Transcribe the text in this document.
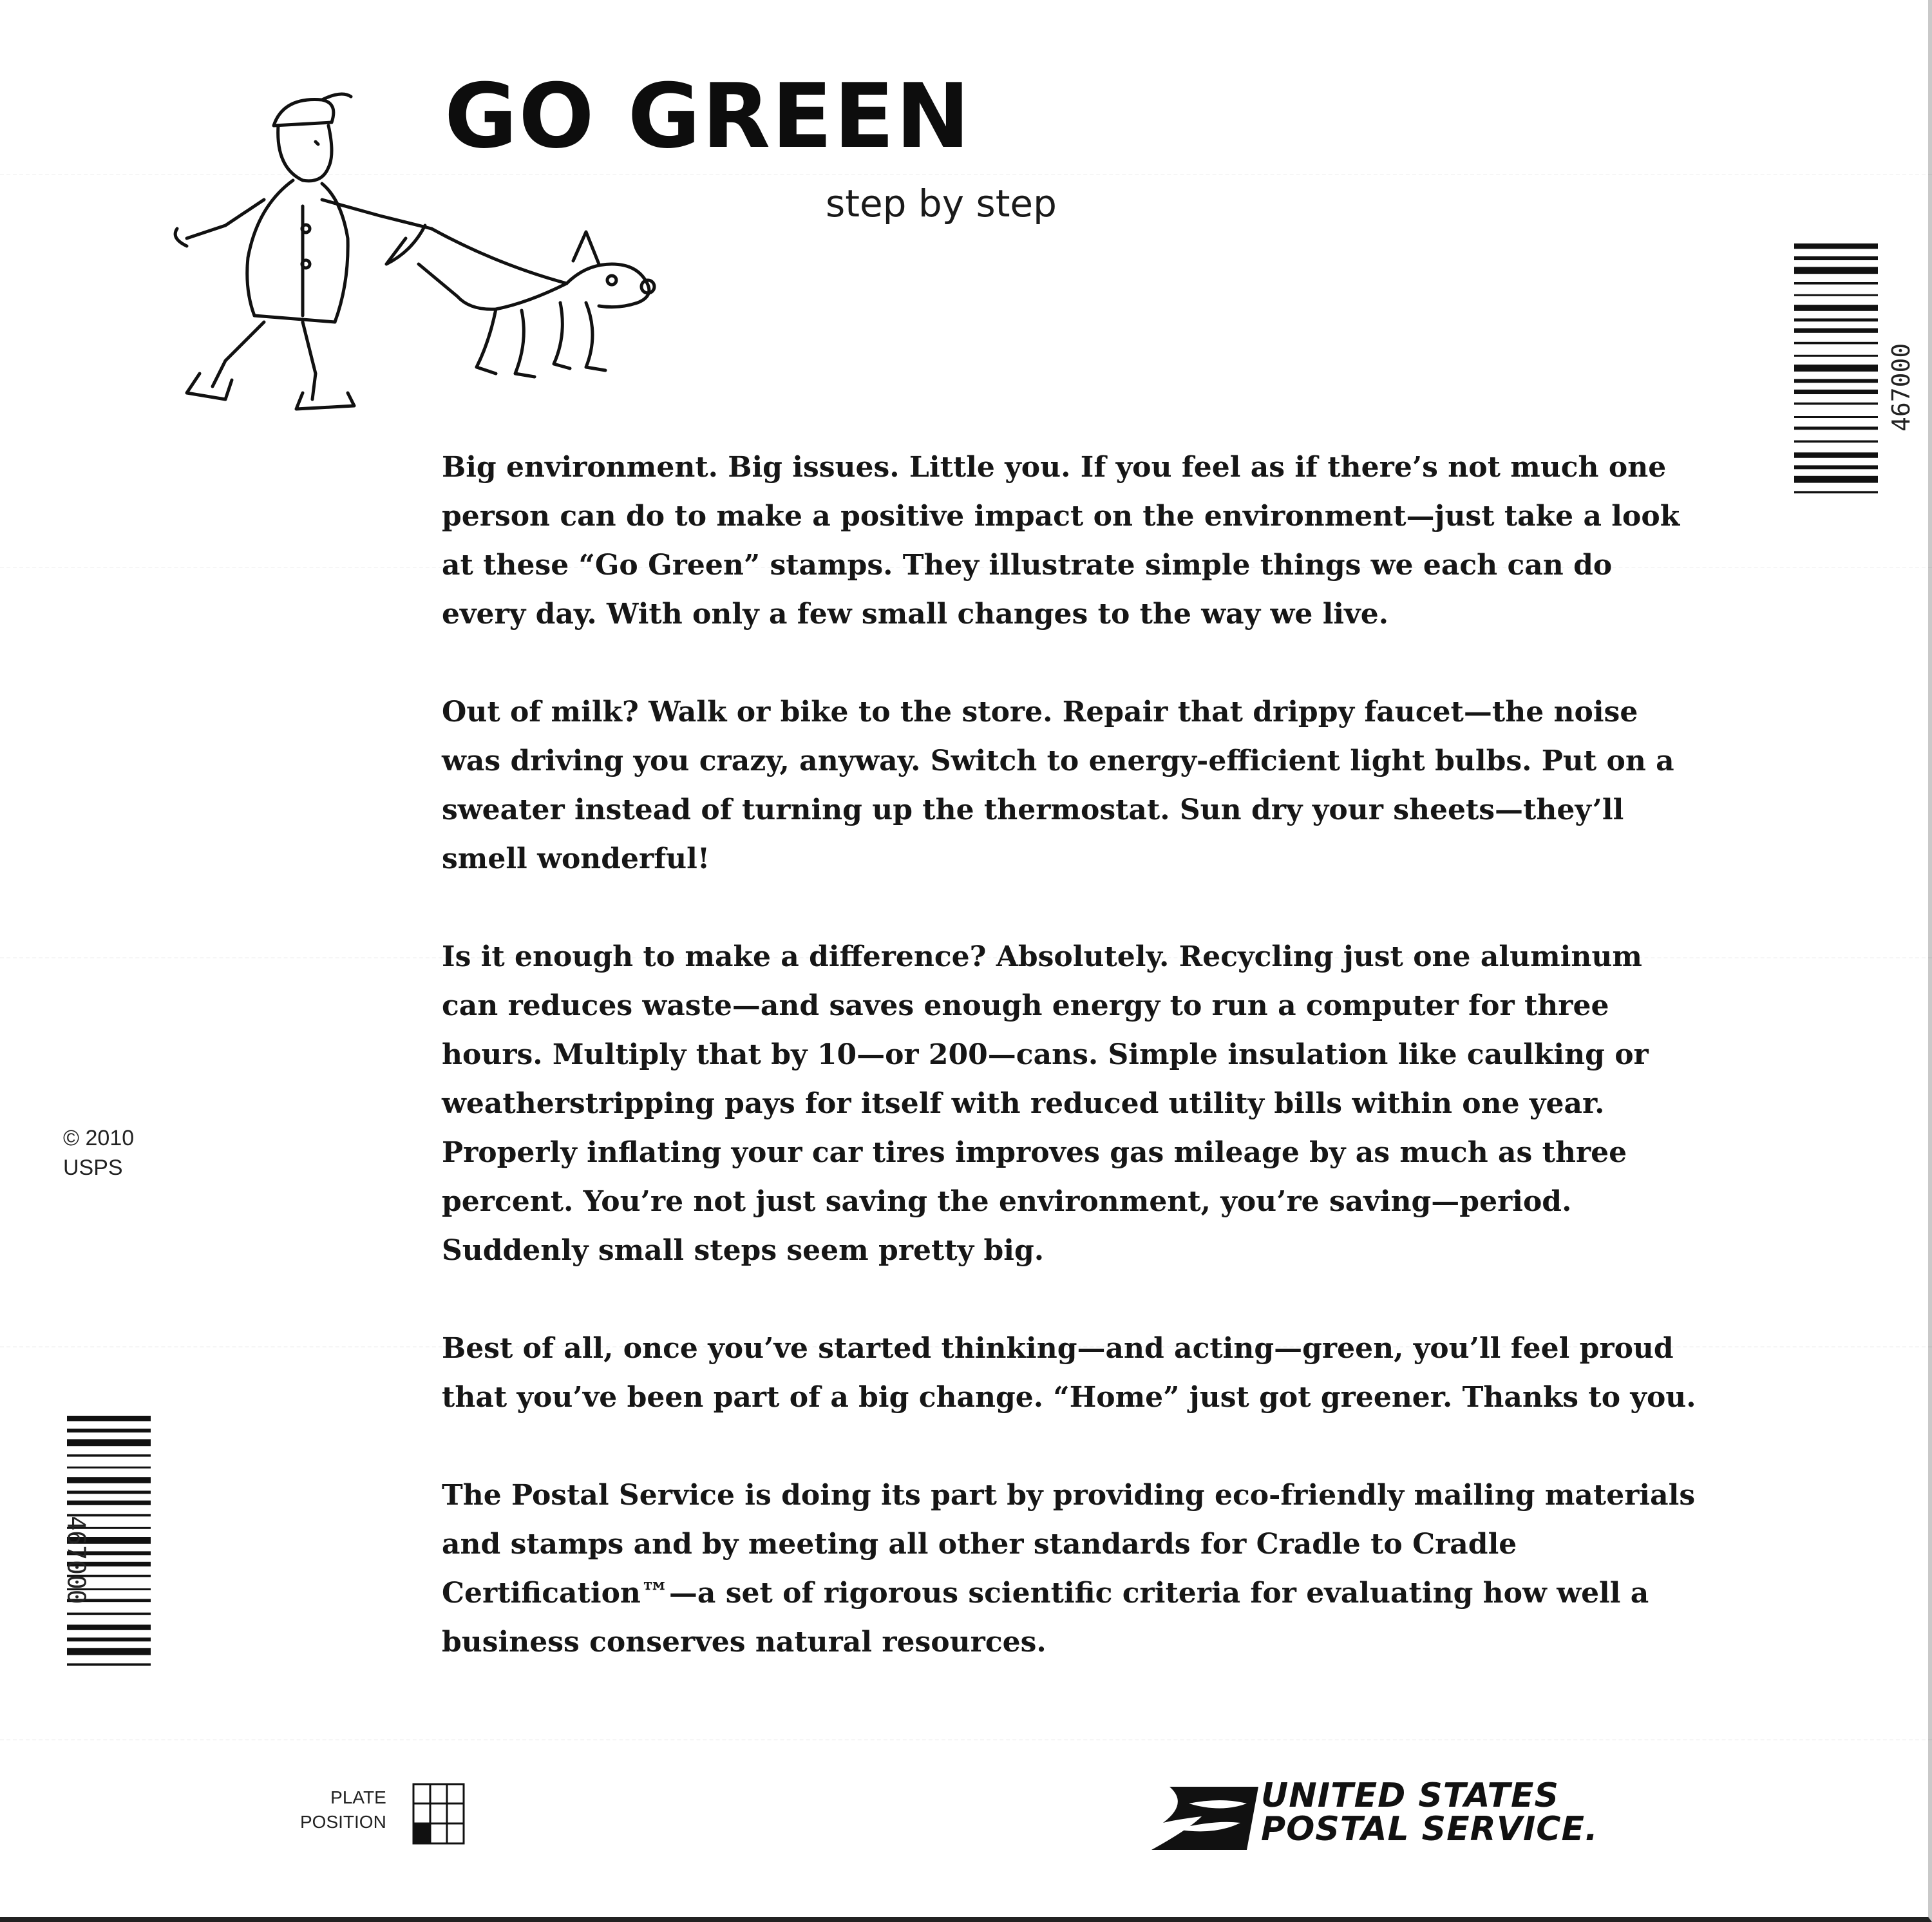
GO GREEN
step by step

Big environment. Big issues. Little you. If you feel as if there’s not much one person can do to make a positive impact on the environment—just take a look at these “Go Green” stamps. They illustrate simple things we each can do every day. With only a few small changes to the way we live.

Out of milk? Walk or bike to the store. Repair that drippy faucet—the noise was driving you crazy, anyway. Switch to energy-efficient light bulbs. Put on a sweater instead of turning up the thermostat. Sun dry your sheets—they’ll smell wonderful!

Is it enough to make a difference? Absolutely. Recycling just one aluminum can reduces waste—and saves enough energy to run a computer for three hours. Multiply that by 10—or 200—cans. Simple insulation like caulking or weatherstripping pays for itself with reduced utility bills within one year. Properly inflating your car tires improves gas mileage by as much as three percent. You’re not just saving the environment, you’re saving—period. Suddenly small steps seem pretty big.

Best of all, once you’ve started thinking—and acting—green, you’ll feel proud that you’ve been part of a big change. “Home” just got greener. Thanks to you.

The Postal Service is doing its part by providing eco-friendly mailing materials and stamps and by meeting all other standards for Cradle to Cradle Certification™—a set of rigorous scientific criteria for evaluating how well a business conserves natural resources.

467000
467000
© 2010
USPS
PLATE
POSITION
UNITED STATES
POSTAL SERVICE.
